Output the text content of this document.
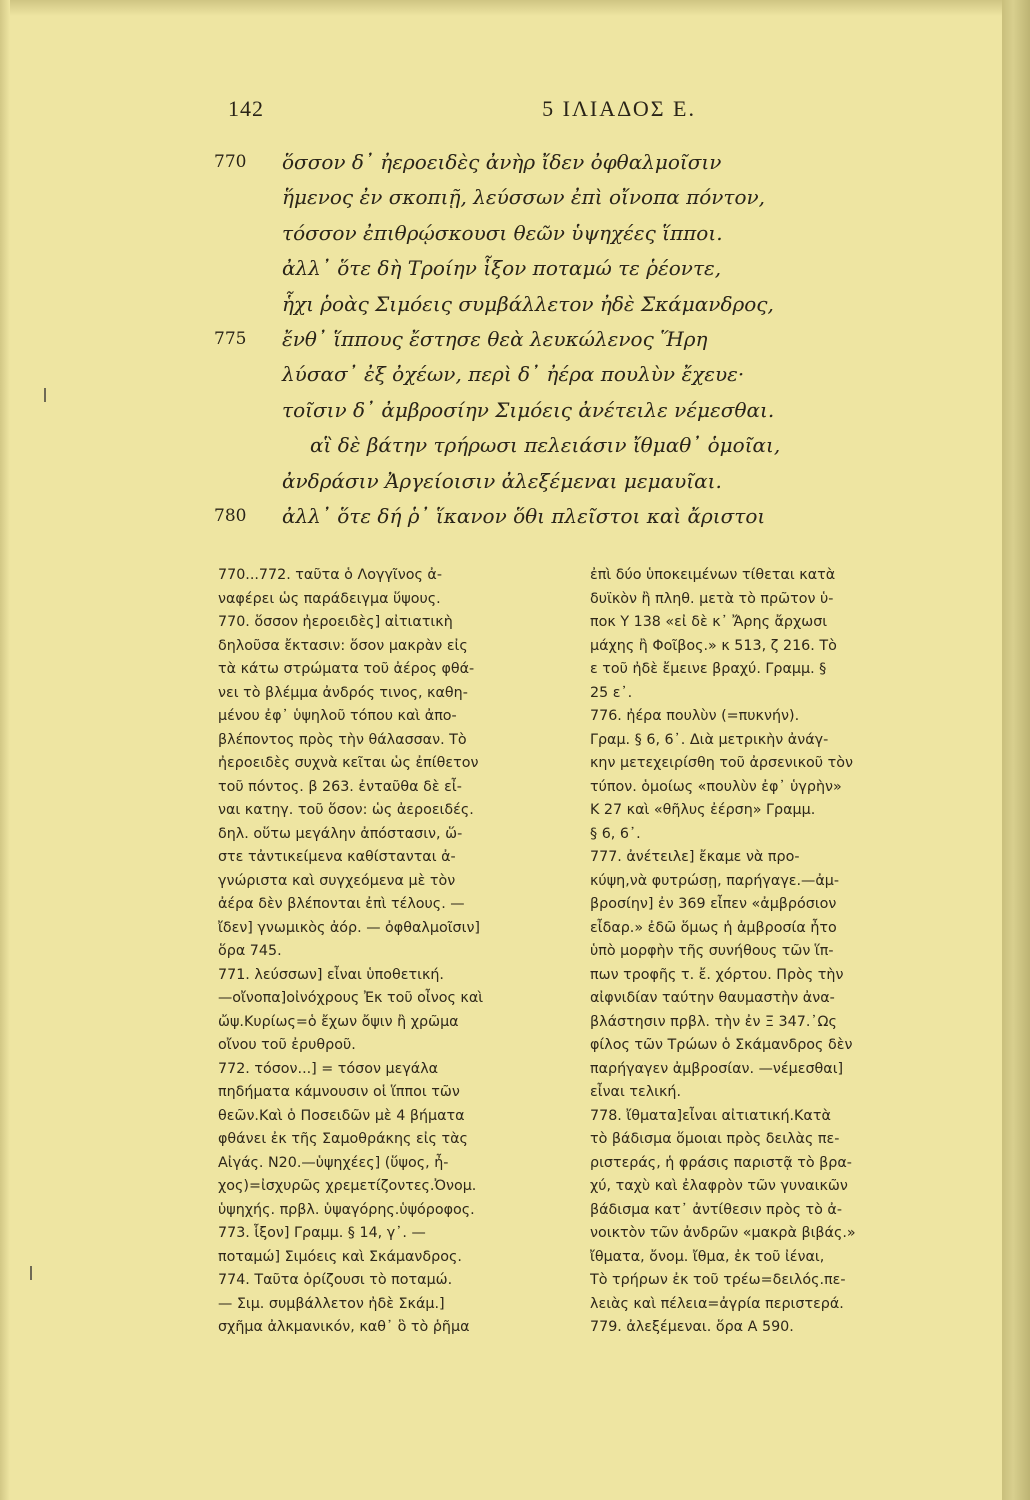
142	5 ΙΛΙΑΔΟΣ Ε.
770	ὅσσον δ᾽ ἠεροειδὲς ἀνὴρ ἴδεν ὀφθαλμοῖσιν
ἥμενος ἐν σκοπιῇ, λεύσσων ἐπὶ οἴνοπα πόντον,
τόσσον ἐπιθρῴσκουσι θεῶν ὑψηχέες ἵπποι.
ἀλλ᾽ ὅτε δὴ Τροίην ἷξον ποταμώ τε ῥέοντε,
ἧχι ῥοὰς Σιμόεις συμβάλλετον ἠδὲ Σκάμανδρος,
775	ἔνθ᾽ ἵππους ἔστησε θεὰ λευκώλενος Ἥρη
λύσασ᾽ ἐξ ὀχέων, περὶ δ᾽ ἠέρα πουλὺν ἔχευε·
τοῖσιν δ᾽ ἀμβροσίην Σιμόεις ἀνέτειλε νέμεσθαι.
αἳ δὲ βάτην τρήρωσι πελειάσιν ἴθμαθ᾽ ὁμοῖαι,
ἀνδράσιν Ἀργείοισιν ἀλεξέμεναι μεμαυῖαι.
780	ἀλλ᾽ ὅτε δή ῥ᾽ ἵκανον ὅθι πλεῖστοι καὶ ἄριστοι
770...772. ταῦτα ὁ Λογγῖνος ἀ-
ναφέρει ὡς παράδειγμα ὕψους.
770. ὅσσον ἠεροειδὲς] αἰτιατικὴ
δηλοῦσα ἔκτασιν: ὅσον μακρὰν εἰς
τὰ κάτω στρώματα τοῦ ἀέρος φθά-
νει τὸ βλέμμα ἀνδρός τινος, καθη-
μένου ἐφ᾽ ὑψηλοῦ τόπου καὶ ἀπο-
βλέποντος πρὸς τὴν θάλασσαν. Τὸ
ἠεροειδὲς συχνὰ κεῖται ὡς ἐπίθετον
τοῦ πόντος. β 263. ἐνταῦθα δὲ εἶ-
ναι κατηγ. τοῦ ὅσον: ὡς ἀεροειδές.
δηλ. οὕτω μεγάλην ἀπόστασιν, ὥ-
στε τἀντικείμενα καθίστανται ἀ-
γνώριστα καὶ συγχεόμενα μὲ τὸν
ἀέρα δὲν βλέπονται ἐπὶ τέλους. —
ἴδεν] γνωμικὸς ἀόρ. — ὀφθαλμοῖσιν]
ὅρα 745.
771. λεύσσων] εἶναι ὑποθετική.
—οἴνοπα]οἰνόχρους Ἐκ τοῦ οἶνος καὶ
ὤψ.Κυρίως=ὁ ἔχων ὄψιν ἢ χρῶμα
οἴνου τοῦ ἐρυθροῦ.
772. τόσον...] = τόσον μεγάλα
πηδήματα κάμνουσιν οἱ ἵπποι τῶν
θεῶν.Καὶ ὁ Ποσειδῶν μὲ 4 βήματα
φθάνει ἐκ τῆς Σαμοθράκης εἰς τὰς
Αἰγάς. Ν20.—ὑψηχέες] (ὕψος, ἦ-
χος)=ἰσχυρῶς χρεμετίζοντες.Ὀνομ.
ὑψηχής. πρβλ. ὑψαγόρης.ὑψόροφος.
773. ἷξον] Γραμμ. § 14, γ᾽. —
ποταμώ] Σιμόεις καὶ Σκάμανδρος.
774. Ταῦτα ὁρίζουσι τὸ ποταμώ.
— Σιμ. συμβάλλετον ἠδὲ Σκάμ.]
σχῆμα ἀλκμανικόν, καθ᾽ ὃ τὸ ῥῆμα
ἐπὶ δύο ὑποκειμένων τίθεται κατὰ
δυϊκὸν ἢ πληθ. μετὰ τὸ πρῶτον ὑ-
ποκ Υ 138 «εἰ δὲ κ᾽ Ἄρης ἄρχωσι
μάχης ἢ Φοῖβος.» κ 513, ζ 216. Τὸ
ε τοῦ ἠδὲ ἔμεινε βραχύ. Γραμμ. §
25 ε᾽.
776. ἠέρα πουλὺν (=πυκνήν).
Γραμ. § 6, 6᾽. Διὰ μετρικὴν ἀνάγ-
κην μετεχειρίσθη τοῦ ἀρσενικοῦ τὸν
τύπον. ὁμοίως «πουλὺν ἐφ᾽ ὑγρὴν»
Κ 27 καὶ «θῆλυς ἐέρση» Γραμμ.
§ 6, 6᾽.
777. ἀνέτειλε] ἔκαμε νὰ προ-
κύψη,νὰ φυτρώσῃ, παρήγαγε.—ἀμ-
βροσίην] ἐν 369 εἶπεν «ἀμβρόσιον
εἶδαρ.» ἐδῶ ὅμως ἡ ἀμβροσία ἦτο
ὑπὸ μορφὴν τῆς συνήθους τῶν ἵπ-
πων τροφῆς τ. ἔ. χόρτου. Πρὸς τὴν
αἰφνιδίαν ταύτην θαυμαστὴν ἀνα-
βλάστησιν πρβλ. τὴν ἐν Ξ 347.᾽Ως
φίλος τῶν Τρώων ὁ Σκάμανδρος δὲν
παρήγαγεν ἀμβροσίαν. —νέμεσθαι]
εἶναι τελική.
778. ἴθματα]εἶναι αἰτιατική.Κατὰ
τὸ βάδισμα ὅμοιαι πρὸς δειλὰς πε-
ριστεράς, ἡ φράσις παριστᾷ τὸ βρα-
χύ, ταχὺ καὶ ἐλαφρὸν τῶν γυναικῶν
βάδισμα κατ᾽ ἀντίθεσιν πρὸς τὸ ἀ-
νοικτὸν τῶν ἀνδρῶν «μακρὰ βιβάς.»
ἴθματα, ὄνομ. ἴθμα, ἐκ τοῦ ἰέναι,
Τὸ τρήρων ἐκ τοῦ τρέω=δειλός.πε-
λειὰς καὶ πέλεια=ἀγρία περιστερά.
779. ἀλεξέμεναι. ὅρα Α 590.
